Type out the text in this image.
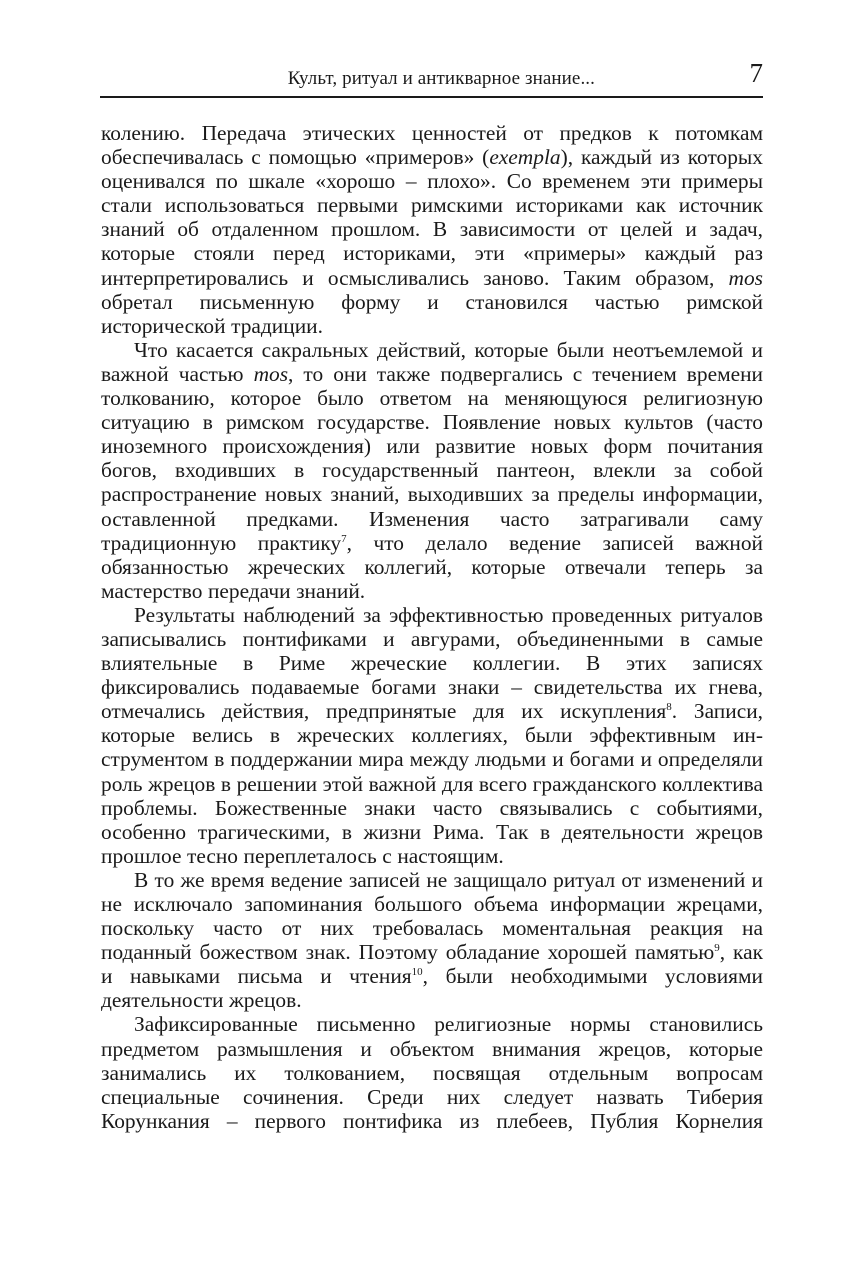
Культ, ритуал и антикварное знание...	7

колению. Передача этических ценностей от предков к потомкам обеспечивалась с помощью «примеров» (exempla), каждый из которых оценивался по шкале «хорошо – плохо». Со временем эти примеры стали использоваться первыми римскими историками как источник знаний об отдаленном прошлом. В зависимости от целей и задач, которые стояли перед историками, эти «примеры» каждый раз интерпретировались и осмысливались заново. Таким образом, mos обретал письменную форму и становился частью римской исторической традиции.

Что касается сакральных действий, которые были неотъемлемой и важной частью mos, то они также подвергались с течением времени толкованию, которое было ответом на меняющуюся религиозную ситуацию в римском государстве. Появление новых культов (часто иноземного происхождения) или развитие новых форм почитания богов, входивших в государственный пантеон, влекли за собой распространение новых знаний, выходивших за пределы информации, оставленной предками. Изменения часто затрагивали саму традиционную практику$^7$, что делало ведение записей важной обязанностью жреческих коллегий, которые отвечали теперь за мастерство передачи знаний.

Результаты наблюдений за эффективностью проведенных ритуалов записывались понтификами и авгурами, объединенными в самые влиятельные в Риме жреческие коллегии. В этих записях фиксировались подаваемые богами знаки – свидетельства их гнева, отмечались действия, предпринятые для их искупления$^8$. Записи, которые велись в жреческих коллегиях, были эффективным инструментом в поддержании мира между людьми и богами и определяли роль жрецов в решении этой важной для всего гражданского коллектива проблемы. Божественные знаки часто связывались с событиями, особенно трагическими, в жизни Рима. Так в деятельности жрецов прошлое тесно переплеталось с настоящим.

В то же время ведение записей не защищало ритуал от изменений и не исключало запоминания большого объема информации жрецами, поскольку часто от них требовалась моментальная реакция на поданный божеством знак. Поэтому обладание хорошей памятью$^9$, как и навыками письма и чтения$^{10}$, были необходимыми условиями деятельности жрецов.

Зафиксированные письменно религиозные нормы становились предметом размышления и объектом внимания жрецов, которые занимались их толкованием, посвящая отдельным вопросам специальные сочинения. Среди них следует назвать Тиберия Корункания – первого понтифика из плебеев, Публия Корнелия
